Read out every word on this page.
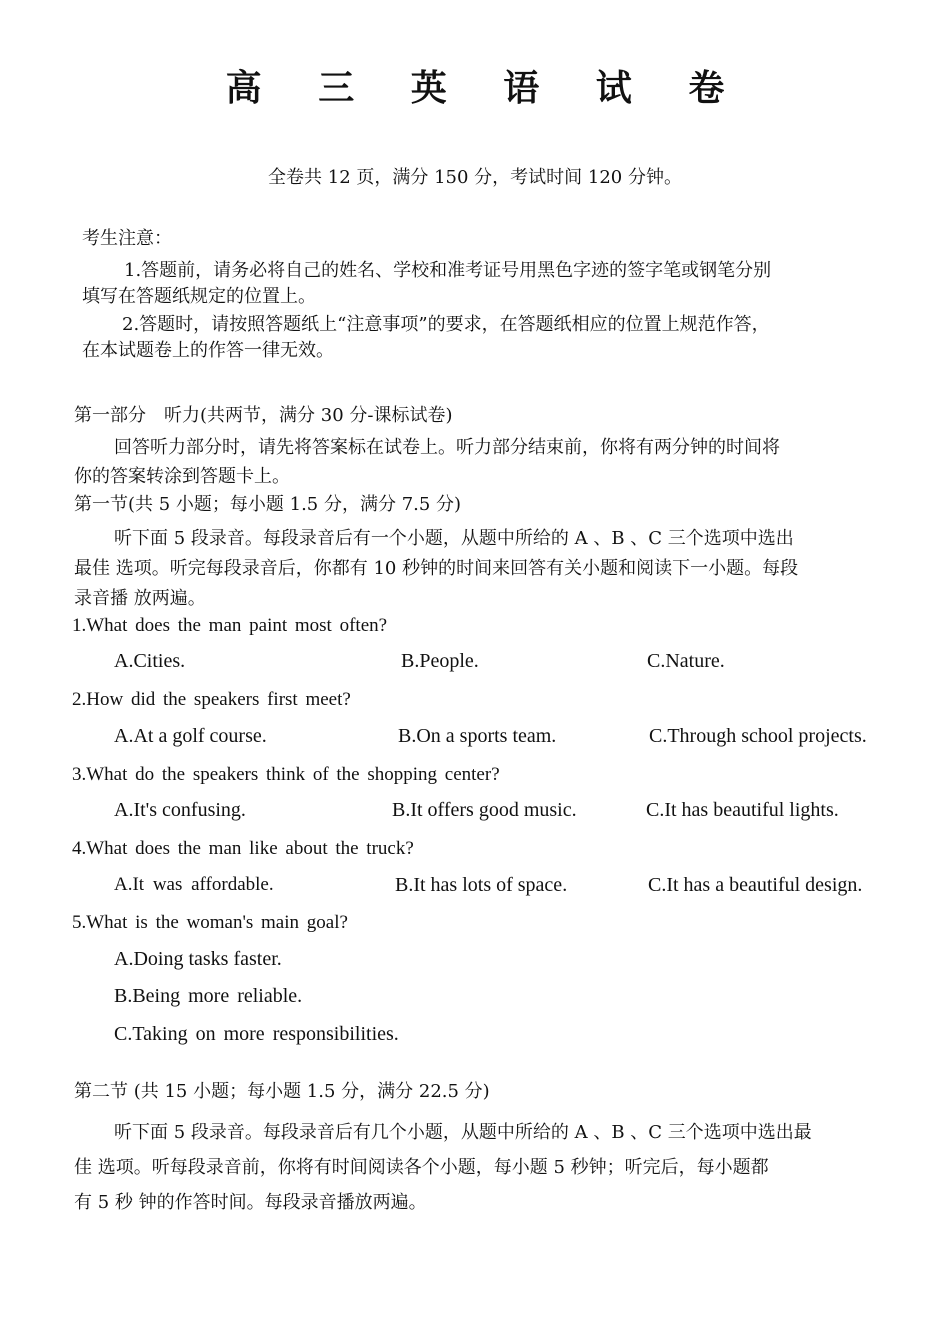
高 三 英 语 试 卷
全卷共 12 页，满分 150 分，考试时间 120 分钟。
考生注意：
1.答题前，请务必将自己的姓名、学校和准考证号用黑色字迹的签字笔或钢笔分别
填写在答题纸规定的位置上。
2.答题时，请按照答题纸上“注意事项”的要求，在答题纸相应的位置上规范作答，
在本试题卷上的作答一律无效。
第一部分　听力(共两节，满分 30 分-课标试卷)
回答听力部分时，请先将答案标在试卷上。听力部分结束前，你将有两分钟的时间将
你的答案转涂到答题卡上。
第一节(共 5 小题；每小题 1.5 分，满分 7.5 分)
听下面 5 段录音。每段录音后有一个小题，从题中所给的 A 、B 、C 三个选项中选出
最佳 选项。听完每段录音后，你都有 10 秒钟的时间来回答有关小题和阅读下一小题。每段
录音播 放两遍。
1.What does the man paint most often?
A.Cities.	B.People.	C.Nature.
2.How did the speakers first meet?
A.At a golf course.	B.On a sports team.	C.Through school projects.
3.What do the speakers think of the shopping center?
A.It's confusing.	B.It offers good music.	C.It has beautiful lights.
4.What does the man like about the truck?
A.It was affordable.	B.It has lots of space.	C.It has a beautiful design.
5.What is the woman's main goal?
A.Doing tasks faster.
B.Being more reliable.
C.Taking on more responsibilities.
第二节 (共 15 小题；每小题 1.5 分，满分 22.5 分)
听下面 5 段录音。每段录音后有几个小题，从题中所给的 A 、B 、C 三个选项中选出最
佳 选项。听每段录音前，你将有时间阅读各个小题，每小题 5 秒钟；听完后，每小题都
有 5 秒 钟的作答时间。每段录音播放两遍。
